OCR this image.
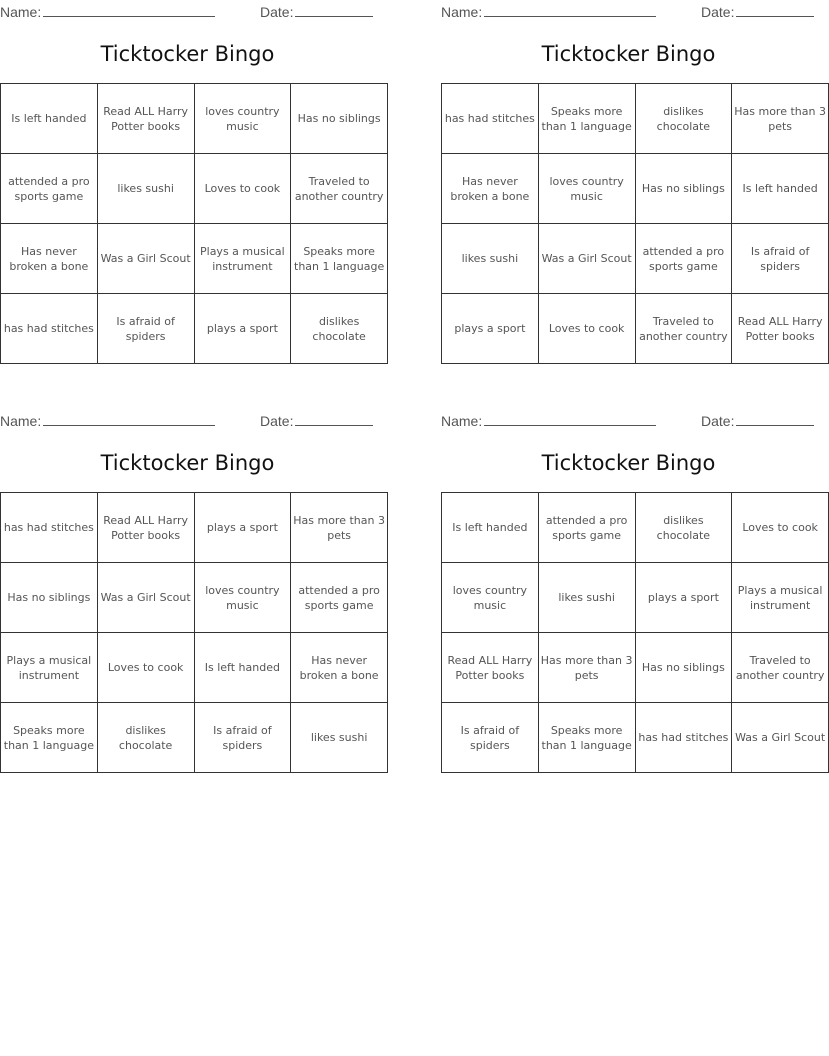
Name:	Date:
Ticktocker Bingo
Is left handed	Read ALL Harry Potter books	loves country music	Has no siblings
attended a pro sports game	likes sushi	Loves to cook	Traveled to another country
Has never broken a bone	Was a Girl Scout	Plays a musical instrument	Speaks more than 1 language
has had stitches	Is afraid of spiders	plays a sport	dislikes chocolate
Name:	Date:
Ticktocker Bingo
has had stitches	Speaks more than 1 language	dislikes chocolate	Has more than 3 pets
Has never broken a bone	loves country music	Has no siblings	Is left handed
likes sushi	Was a Girl Scout	attended a pro sports game	Is afraid of spiders
plays a sport	Loves to cook	Traveled to another country	Read ALL Harry Potter books
Name:	Date:
Ticktocker Bingo
has had stitches	Read ALL Harry Potter books	plays a sport	Has more than 3 pets
Has no siblings	Was a Girl Scout	loves country music	attended a pro sports game
Plays a musical instrument	Loves to cook	Is left handed	Has never broken a bone
Speaks more than 1 language	dislikes chocolate	Is afraid of spiders	likes sushi
Name:	Date:
Ticktocker Bingo
Is left handed	attended a pro sports game	dislikes chocolate	Loves to cook
loves country music	likes sushi	plays a sport	Plays a musical instrument
Read ALL Harry Potter books	Has more than 3 pets	Has no siblings	Traveled to another country
Is afraid of spiders	Speaks more than 1 language	has had stitches	Was a Girl Scout
